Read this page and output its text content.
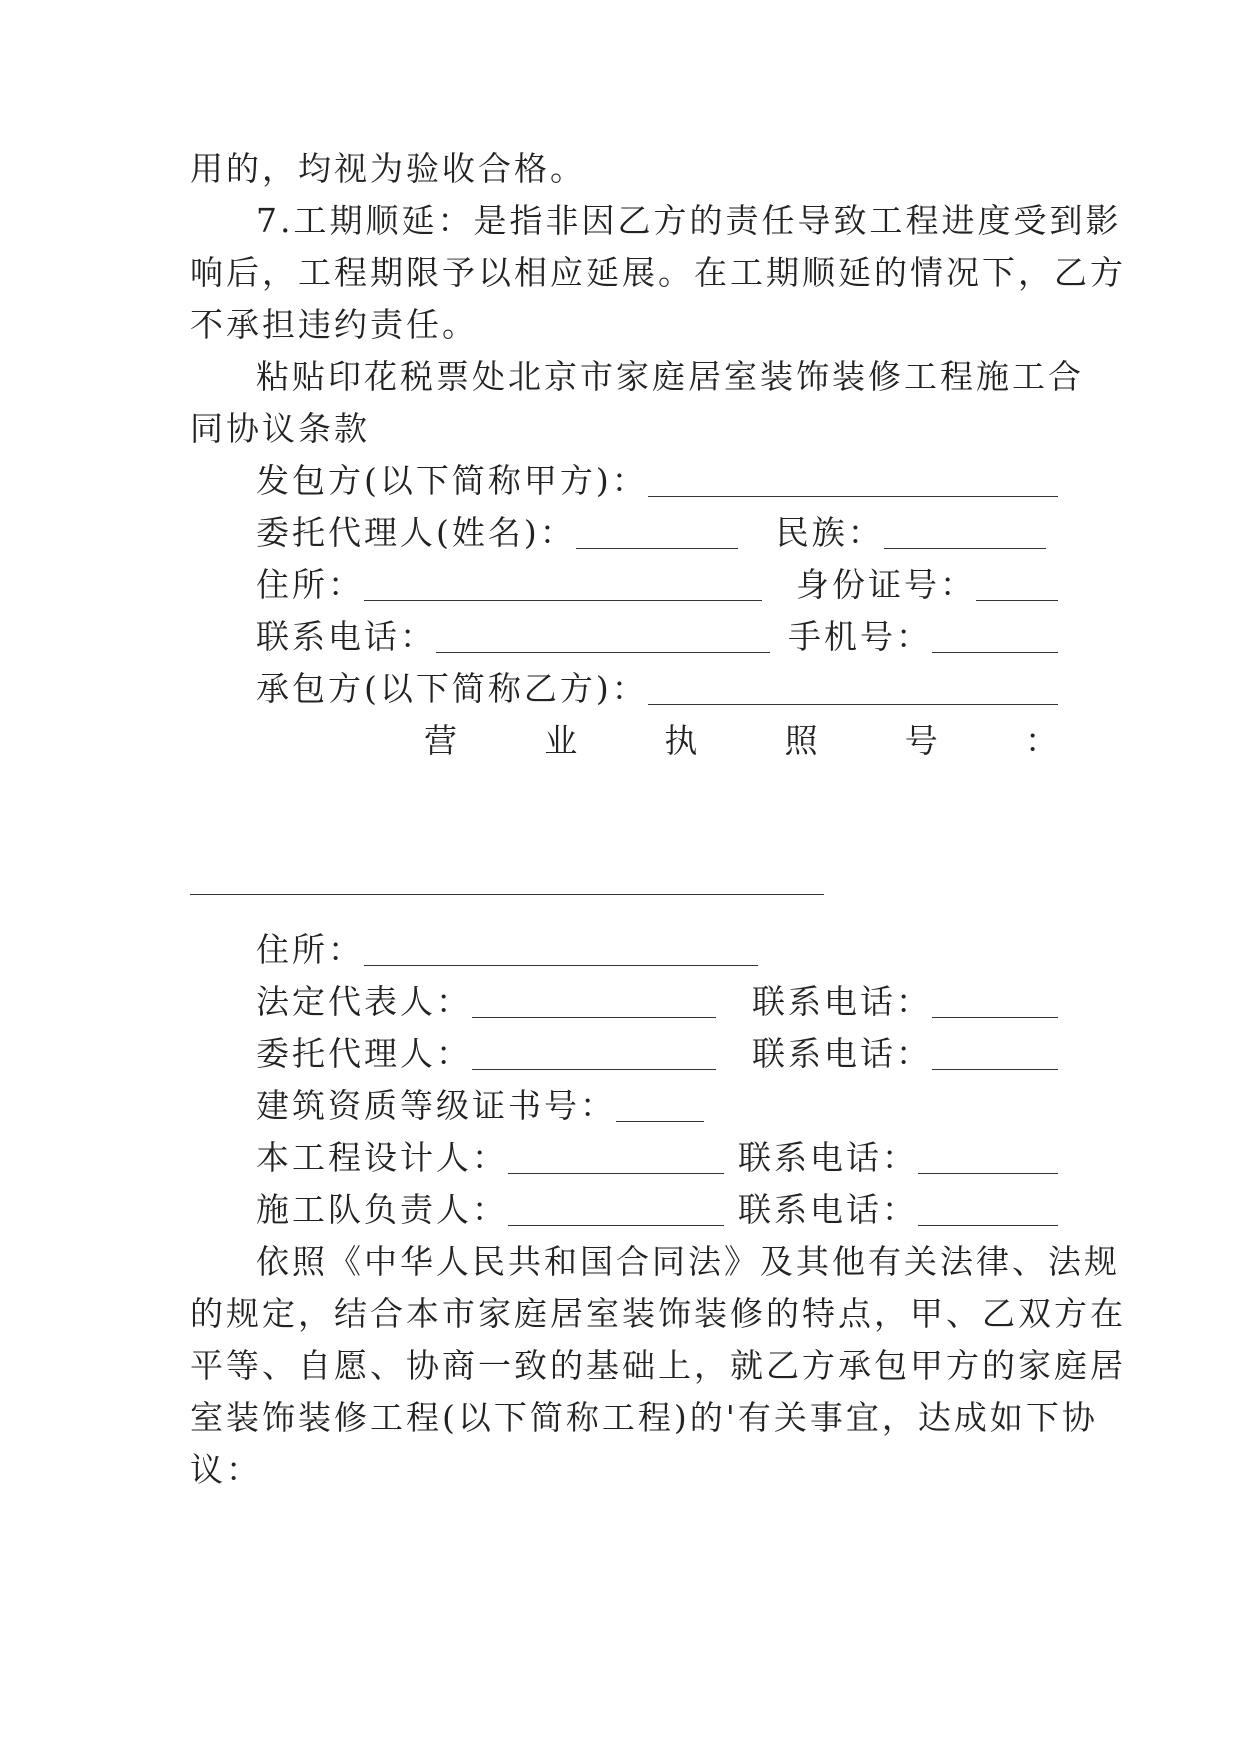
用的，均视为验收合格。
7.工期顺延：是指非因乙方的责任导致工程进度受到影
响后，工程期限予以相应延展。在工期顺延的情况下，乙方
不承担违约责任。
粘贴印花税票处北京市家庭居室装饰装修工程施工合
同协议条款
发包方(以下简称甲方)：
委托代理人(姓名)：	民族：
住所：	身份证号：
联系电话：	手机号：
承包方(以下简称乙方)：
营	业	执	照	号	：
住所：
法定代表人：	联系电话：
委托代理人：	联系电话：
建筑资质等级证书号：
本工程设计人：	联系电话：
施工队负责人：	联系电话：
依照《中华人民共和国合同法》及其他有关法律、法规
的规定，结合本市家庭居室装饰装修的特点，甲、乙双方在
平等、自愿、协商一致的基础上，就乙方承包甲方的家庭居
室装饰装修工程(以下简称工程)的'有关事宜，达成如下协
议：
